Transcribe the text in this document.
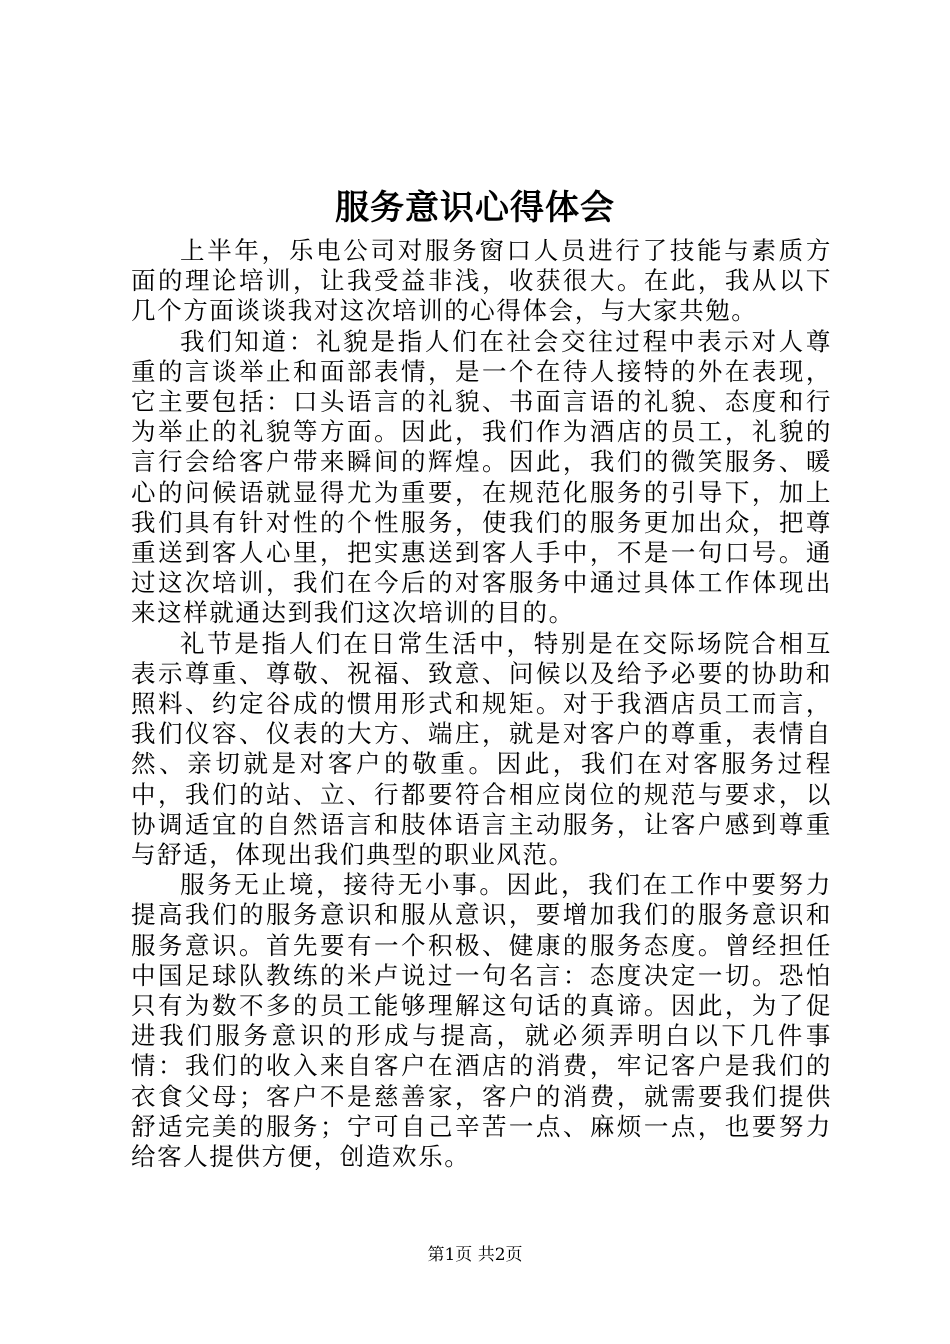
服务意识心得体会

上半年，乐电公司对服务窗口人员进行了技能与素质方面的理论培训，让我受益非浅，收获很大。在此，我从以下几个方面谈谈我对这次培训的心得体会，与大家共勉。

我们知道：礼貌是指人们在社会交往过程中表示对人尊重的言谈举止和面部表情，是一个在待人接特的外在表现，它主要包括：口头语言的礼貌、书面言语的礼貌、态度和行为举止的礼貌等方面。因此，我们作为酒店的员工，礼貌的言行会给客户带来瞬间的辉煌。因此，我们的微笑服务、暖心的问候语就显得尤为重要，在规范化服务的引导下，加上我们具有针对性的个性服务，使我们的服务更加出众，把尊重送到客人心里，把实惠送到客人手中，不是一句口号。通过这次培训，我们在今后的对客服务中通过具体工作体现出来这样就通达到我们这次培训的目的。

礼节是指人们在日常生活中，特别是在交际场院合相互表示尊重、尊敬、祝福、致意、问候以及给予必要的协助和照料、约定谷成的惯用形式和规矩。对于我酒店员工而言，我们仪容、仪表的大方、端庄，就是对客户的尊重，表情自然、亲切就是对客户的敬重。因此，我们在对客服务过程中，我们的站、立、行都要符合相应岗位的规范与要求，以协调适宜的自然语言和肢体语言主动服务，让客户感到尊重与舒适，体现出我们典型的职业风范。

服务无止境，接待无小事。因此，我们在工作中要努力提高我们的服务意识和服从意识，要增加我们的服务意识和服务意识。首先要有一个积极、健康的服务态度。曾经担任中国足球队教练的米卢说过一句名言：态度决定一切。恐怕只有为数不多的员工能够理解这句话的真谛。因此，为了促进我们服务意识的形成与提高，就必须弄明白以下几件事情：我们的收入来自客户在酒店的消费，牢记客户是我们的衣食父母；客户不是慈善家，客户的消费，就需要我们提供舒适完美的服务；宁可自己辛苦一点、麻烦一点，也要努力给客人提供方便，创造欢乐。

第1页 共2页
